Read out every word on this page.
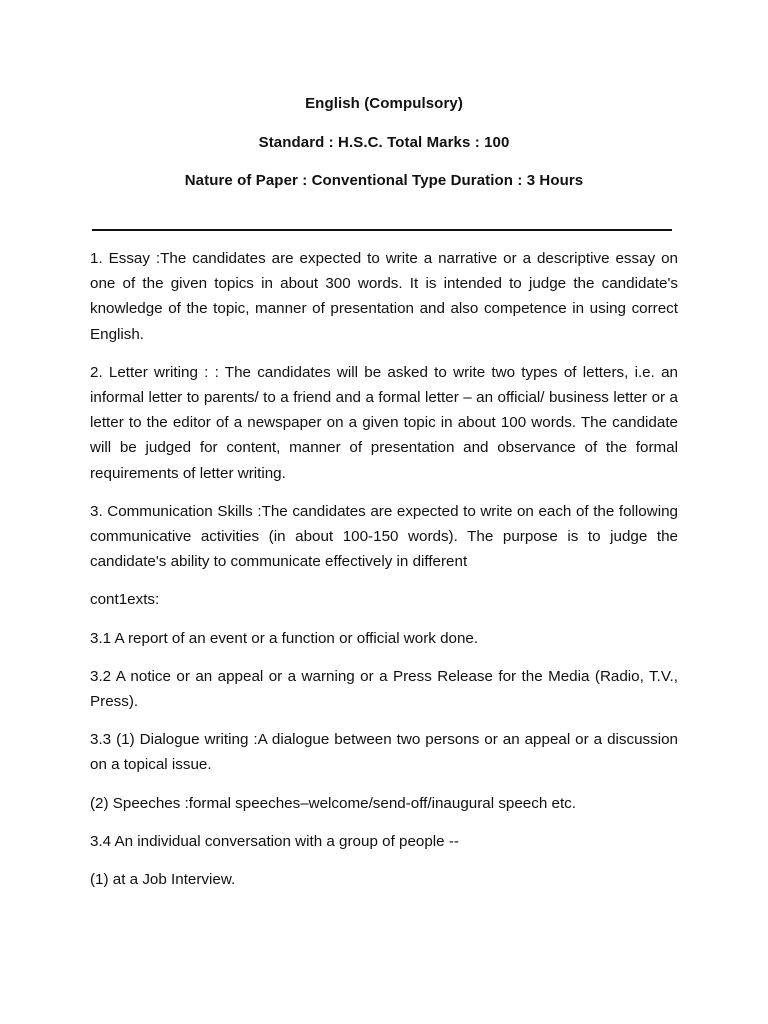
English (Compulsory)
Standard : H.S.C. Total Marks : 100
Nature of Paper : Conventional Type Duration : 3 Hours

1. Essay :The candidates are expected to write a narrative or a descriptive essay on one of the given topics in about 300 words. It is intended to judge the candidate's knowledge of the topic, manner of presentation and also competence in using correct English.

2. Letter writing : : The candidates will be asked to write two types of letters, i.e. an informal letter to parents/ to a friend and a formal letter – an official/ business letter or a letter to the editor of a newspaper on a given topic in about 100 words. The candidate will be judged for content, manner of presentation and observance of the formal requirements of letter writing.

3. Communication Skills :The candidates are expected to write on each of the following communicative activities (in about 100-150 words). The purpose is to judge the candidate's ability to communicate effectively in different

cont1exts:

3.1 A report of an event or a function or official work done.

3.2 A notice or an appeal or a warning or a Press Release for the Media (Radio, T.V., Press).

3.3 (1) Dialogue writing :A dialogue between two persons or an appeal or a discussion on a topical issue.

(2) Speeches :formal speeches–welcome/send-off/inaugural speech etc.

3.4 An individual conversation with a group of people --

(1) at a Job Interview.
